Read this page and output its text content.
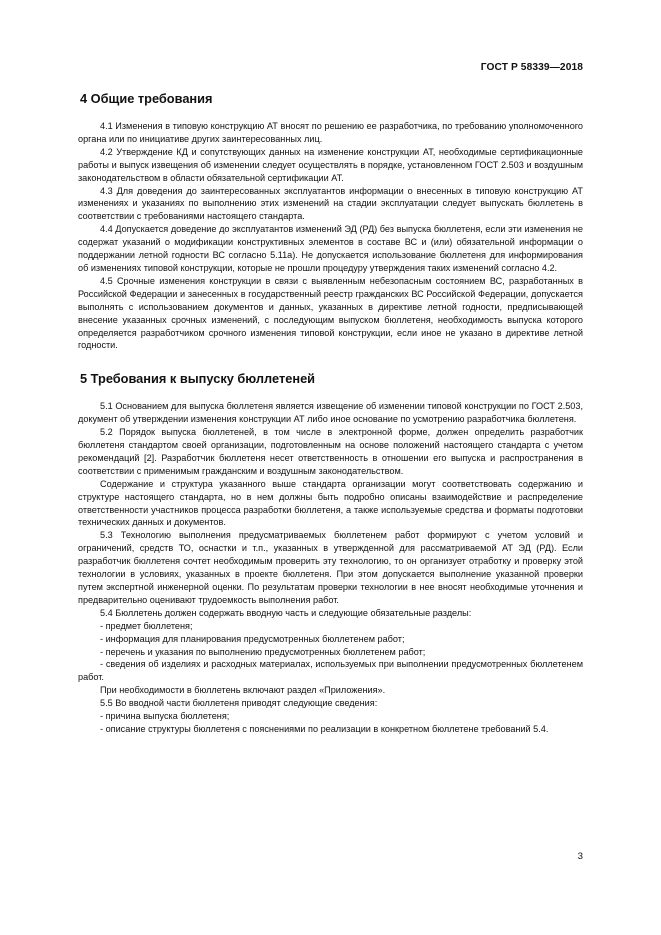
ГОСТ Р 58339—2018
4 Общие требования

4.1 Изменения в типовую конструкцию АТ вносят по решению ее разработчика, по требованию уполномоченного органа или по инициативе других заинтересованных лиц.

4.2 Утверждение КД и сопутствующих данных на изменение конструкции АТ, необходимые сертификационные работы и выпуск извещения об изменении следует осуществлять в порядке, установленном ГОСТ 2.503 и воздушным законодательством в области обязательной сертификации АТ.

4.3 Для доведения до заинтересованных эксплуатантов информации о внесенных в типовую конструкцию АТ изменениях и указаниях по выполнению этих изменений на стадии эксплуатации следует выпускать бюллетень в соответствии с требованиями настоящего стандарта.

4.4 Допускается доведение до эксплуатантов изменений ЭД (РД) без выпуска бюллетеня, если эти изменения не содержат указаний о модификации конструктивных элементов в составе ВС и (или) обязательной информации о поддержании летной годности ВС согласно 5.11а). Не допускается использование бюллетеня для информирования об изменениях типовой конструкции, которые не прошли процедуру утверждения таких изменений согласно 4.2.

4.5 Срочные изменения конструкции в связи с выявленным небезопасным состоянием ВС, разработанных в Российской Федерации и занесенных в государственный реестр гражданских ВС Российской Федерации, допускается выполнять с использованием документов и данных, указанных в директиве летной годности, предписывающей внесение указанных срочных изменений, с последующим выпуском бюллетеня, необходимость выпуска которого определяется разработчиком срочного изменения типовой конструкции, если иное не указано в директиве летной годности.

5 Требования к выпуску бюллетеней

5.1 Основанием для выпуска бюллетеня является извещение об изменении типовой конструкции по ГОСТ 2.503, документ об утверждении изменения конструкции АТ либо иное основание по усмотрению разработчика бюллетеня.

5.2 Порядок выпуска бюллетеней, в том числе в электронной форме, должен определить разработчик бюллетеня стандартом своей организации, подготовленным на основе положений настоящего стандарта с учетом рекомендаций [2]. Разработчик бюллетеня несет ответственность в отношении его выпуска и распространения в соответствии с применимым гражданским и воздушным законодательством.

Содержание и структура указанного выше стандарта организации могут соответствовать содержанию и структуре настоящего стандарта, но в нем должны быть подробно описаны взаимодействие и распределение ответственности участников процесса разработки бюллетеня, а также используемые средства и форматы подготовки технических данных и документов.

5.3 Технологию выполнения предусматриваемых бюллетенем работ формируют с учетом условий и ограничений, средств ТО, оснастки и т.п., указанных в утвержденной для рассматриваемой АТ ЭД (РД). Если разработчик бюллетеня сочтет необходимым проверить эту технологию, то он организует отработку и проверку этой технологии в условиях, указанных в проекте бюллетеня. При этом допускается выполнение указанной проверки путем экспертной инженерной оценки. По результатам проверки технологии в нее вносят необходимые уточнения и предварительно оценивают трудоемкость выполнения работ.

5.4 Бюллетень должен содержать вводную часть и следующие обязательные разделы:

- предмет бюллетеня;

- информация для планирования предусмотренных бюллетенем работ;

- перечень и указания по выполнению предусмотренных бюллетенем работ;

- сведения об изделиях и расходных материалах, используемых при выполнении предусмотренных бюллетенем работ.

При необходимости в бюллетень включают раздел «Приложения».

5.5 Во вводной части бюллетеня приводят следующие сведения:

- причина выпуска бюллетеня;

- описание структуры бюллетеня с пояснениями по реализации в конкретном бюллетене требований 5.4.

3
